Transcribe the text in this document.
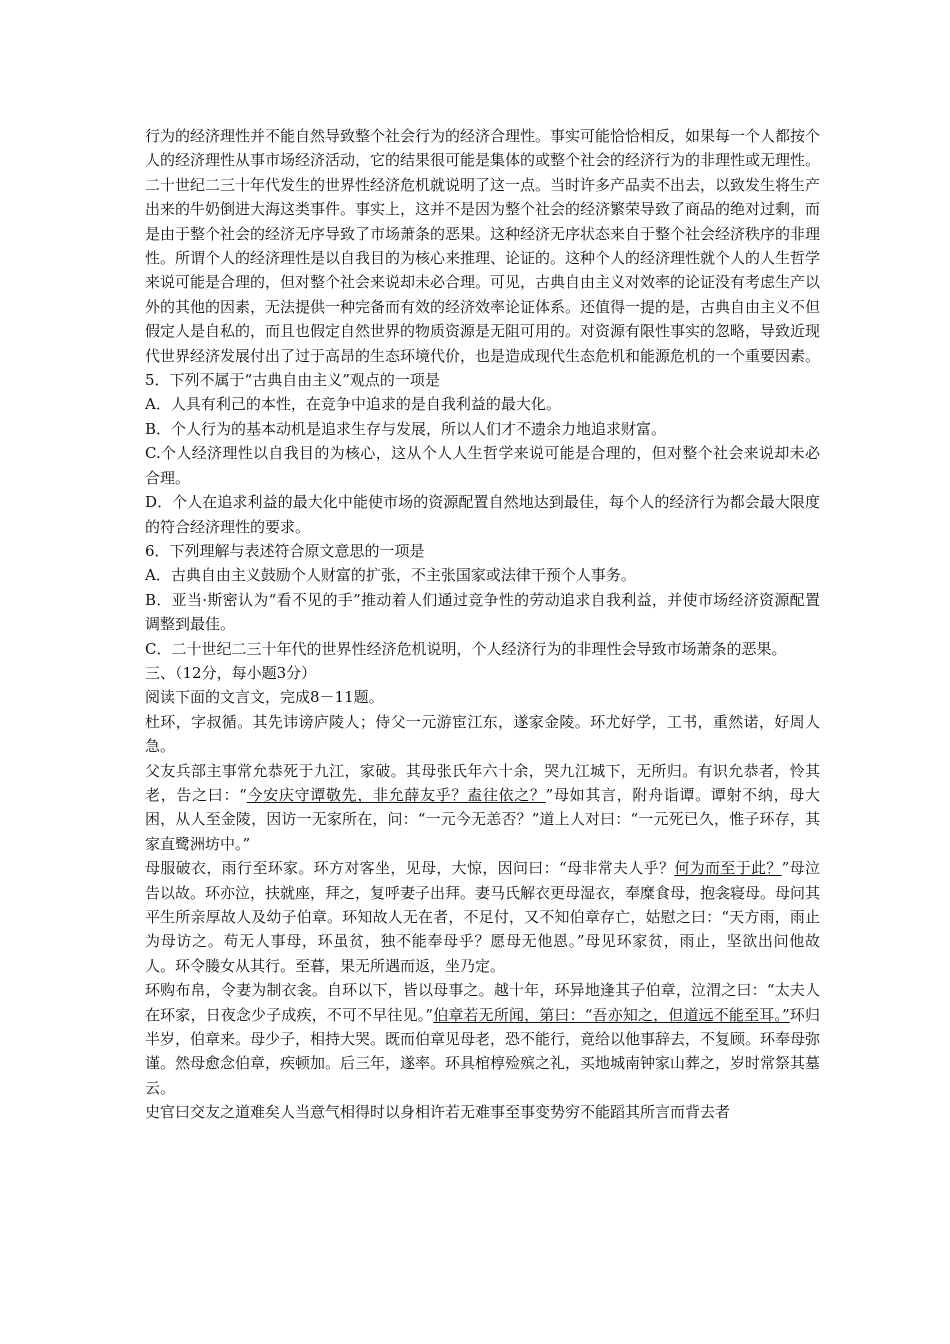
行为的经济理性并不能自然导致整个社会行为的经济合理性。事实可能恰恰相反，如果每一个人都按个人的经济理性从事市场经济活动，它的结果很可能是集体的或整个社会的经济行为的非理性或无理性。二十世纪二三十年代发生的世界性经济危机就说明了这一点。当时许多产品卖不出去，以致发生将生产出来的牛奶倒进大海这类事件。事实上，这并不是因为整个社会的经济繁荣导致了商品的绝对过剩，而是由于整个社会的经济无序导致了市场萧条的恶果。这种经济无序状态来自于整个社会经济秩序的非理性。所谓个人的经济理性是以自我目的为核心来推理、论证的。这种个人的经济理性就个人的人生哲学来说可能是合理的，但对整个社会来说却未必合理。可见，古典自由主义对效率的论证没有考虑生产以外的其他的因素，无法提供一种完备而有效的经济效率论证体系。还值得一提的是，古典自由主义不但假定人是自私的，而且也假定自然世界的物质资源是无阻可用的。对资源有限性事实的忽略，导致近现代世界经济发展付出了过于高昂的生态环境代价，也是造成现代生态危机和能源危机的一个重要因素。

5．下列不属于“古典自由主义”观点的一项是

A．人具有利己的本性，在竞争中追求的是自我利益的最大化。

B．个人行为的基本动机是追求生存与发展，所以人们才不遗余力地追求财富。

C.个人经济理性以自我目的为核心，这从个人人生哲学来说可能是合理的，但对整个社会来说却未必合理。

D．个人在追求利益的最大化中能使市场的资源配置自然地达到最佳，每个人的经济行为都会最大限度的符合经济理性的要求。

6．下列理解与表述符合原文意思的一项是

A．古典自由主义鼓励个人财富的扩张，不主张国家或法律干预个人事务。

B．亚当·斯密认为“看不见的手”推动着人们通过竞争性的劳动追求自我利益，并使市场经济资源配置调整到最佳。

C．二十世纪二三十年代的世界性经济危机说明，个人经济行为的非理性会导致市场萧条的恶果。

三、（12分，每小题3分）

阅读下面的文言文，完成8－11题。

杜环，字叔循。其先讳谤庐陵人；侍父一元游宦江东，遂家金陵。环尤好学，工书，重然诺，好周人急。

父友兵部主事常允恭死于九江，家破。其母张氏年六十余，哭九江城下，无所归。有识允恭者，怜其老，告之曰：“今安庆守谭敬先，非允薛友乎？盍往依之？”母如其言，附舟诣谭。谭射不纳，母大困，从人至金陵，因访一无家所在，问：“一元今无恙否？”道上人对曰：“一元死已久，惟子环存，其家直鹭洲坊中。”

母服破衣，雨行至环家。环方对客坐，见母，大惊，因问曰：“母非常夫人乎？何为而至于此？”母泣告以故。环亦泣，扶就座，拜之，复呼妻子出拜。妻马氏解衣更母湿衣，奉糜食母，抱衾寝母。母问其平生所亲厚故人及幼子伯章。环知故人无在者，不足付，又不知伯章存亡，姑慰之曰：“天方雨，雨止为母访之。苟无人事母，环虽贫，独不能奉母乎？愿母无他恩。”母见环家贫，雨止，坚欲出问他故人。环令媵女从其行。至暮，果无所遇而返，坐乃定。

环购布帛，令妻为制衣衾。自环以下，皆以母事之。越十年，环异地逢其子伯章，泣渭之曰：“太夫人在环家，日夜念少子成疾，不可不早往见。”伯章若无所闻，第曰：“吾亦知之，但道远不能至耳。”环归半岁，伯章来。母少子，相持大哭。既而伯章见母老，恐不能行，竟给以他事辞去，不复顾。环奉母弥谨。然母愈念伯章，疾顿加。后三年，遂率。环具棺椁殓殡之礼，买地城南钟家山葬之，岁时常祭其墓云。

史官曰交友之道难矣人当意气相得时以身相许若无难事至事变势穷不能蹈其所言而背去者
